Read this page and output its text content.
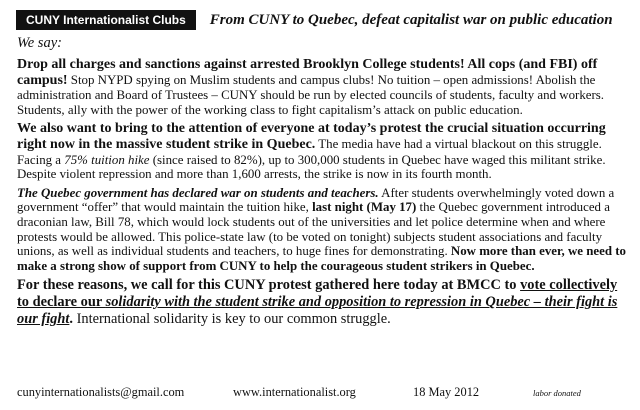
CUNY Internationalist Clubs	From CUNY to Quebec, defeat capitalist war on public education
We say:

Drop all charges and sanctions against arrested Brooklyn College students! All cops (and FBI) off campus! Stop NYPD spying on Muslim students and campus clubs! No tuition – open admissions! Abolish the administration and Board of Trustees – CUNY should be run by elected councils of students, faculty and workers. Students, ally with the power of the working class to fight capitalism’s attack on public education.

We also want to bring to the attention of everyone at today’s protest the crucial situation occurring right now in the massive student strike in Quebec. The media have had a virtual blackout on this struggle. Facing a 75% tuition hike (since raised to 82%), up to 300,000 students in Quebec have waged this militant strike. Despite violent repression and more than 1,600 arrests, the strike is now in its fourth month.

The Quebec government has declared war on students and teachers. After students overwhelmingly voted down a government “offer” that would maintain the tuition hike, last night (May 17) the Quebec government introduced a draconian law, Bill 78, which would lock students out of the universities and let police determine when and where protests would be allowed. This police-state law (to be voted on tonight) subjects student associations and faculty unions, as well as individual students and teachers, to huge fines for demonstrating. Now more than ever, we need to make a strong show of support from CUNY to help the courageous student strikers in Quebec.

For these reasons, we call for this CUNY protest gathered here today at BMCC to vote collectively to declare our solidarity with the student strike and opposition to repression in Quebec – their fight is our fight. International solidarity is key to our common struggle.

cunyinternationalists@gmail.com	www.internationalist.org	18 May 2012	labor donated
